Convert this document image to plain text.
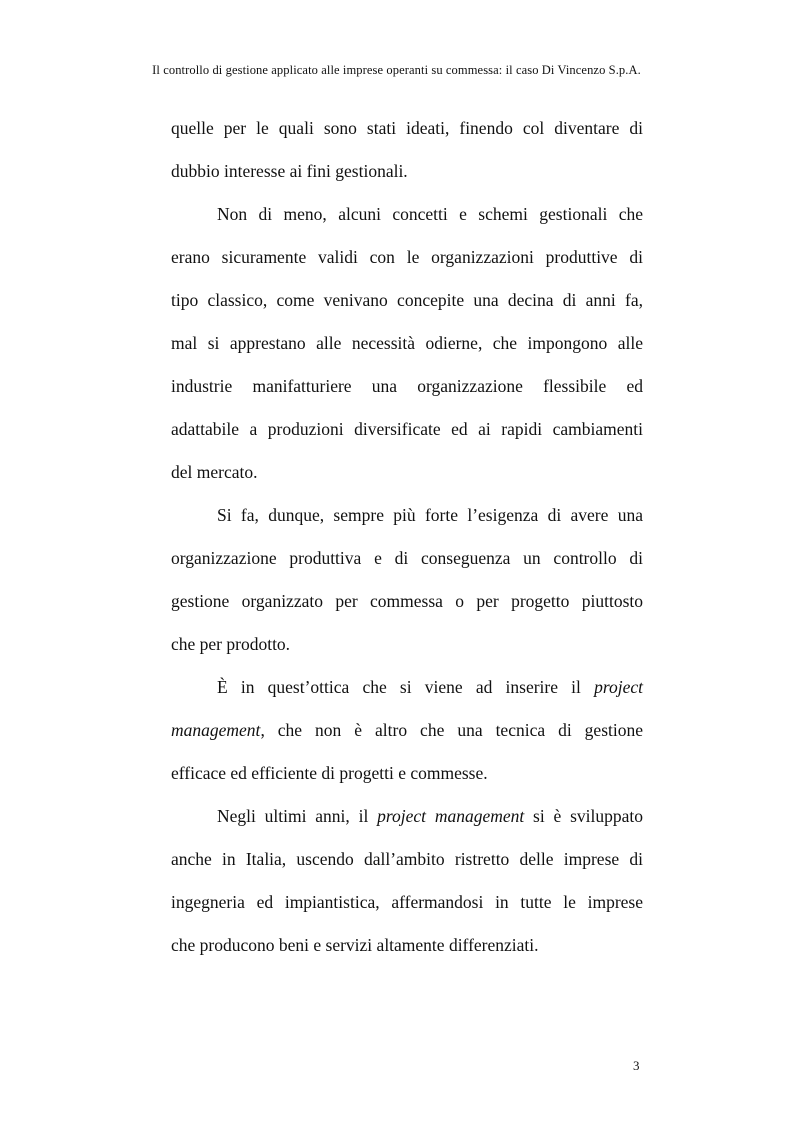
Il controllo di gestione applicato alle imprese operanti su commessa: il caso Di Vincenzo S.p.A.

quelle per le quali sono stati ideati, finendo col diventare di
dubbio interesse ai fini gestionali.

Non di meno, alcuni concetti e schemi gestionali che
erano sicuramente validi con le organizzazioni produttive di
tipo classico, come venivano concepite una decina di anni fa,
mal si apprestano alle necessità odierne, che impongono alle
industrie manifatturiere una organizzazione flessibile ed
adattabile a produzioni diversificate ed ai rapidi cambiamenti
del mercato.

Si fa, dunque, sempre più forte l’esigenza di avere una
organizzazione produttiva e di conseguenza un controllo di
gestione organizzato per commessa o per progetto piuttosto
che per prodotto.

È in quest’ottica che si viene ad inserire il project
management, che non è altro che una tecnica di gestione
efficace ed efficiente di progetti e commesse.

Negli ultimi anni, il project management si è sviluppato
anche in Italia, uscendo dall’ambito ristretto delle imprese di
ingegneria ed impiantistica, affermandosi in tutte le imprese
che producono beni e servizi altamente differenziati.

3
